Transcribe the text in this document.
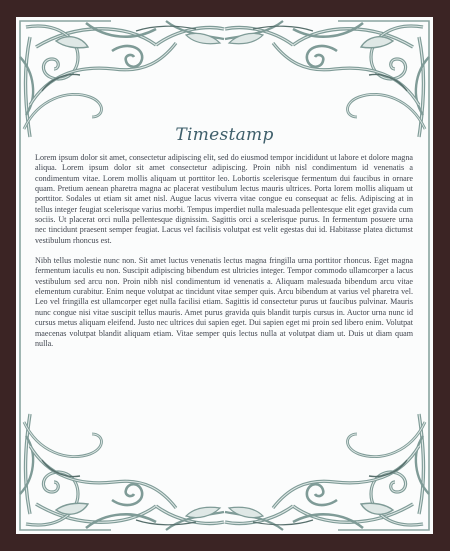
Timestamp

Lorem ipsum dolor sit amet, consectetur adipiscing elit, sed do eiusmod tempor incididunt ut labore et dolore magna aliqua. Lorem ipsum dolor sit amet consectetur adipiscing. Proin nibh nisl condimentum id venenatis a condimentum vitae. Lorem mollis aliquam ut porttitor leo. Lobortis scelerisque fermentum dui faucibus in ornare quam. Pretium aenean pharetra magna ac placerat vestibulum lectus mauris ultrices. Porta lorem mollis aliquam ut porttitor. Sodales ut etiam sit amet nisl. Augue lacus viverra vitae congue eu consequat ac felis. Adipiscing at in tellus integer feugiat scelerisque varius morbi. Tempus imperdiet nulla malesuada pellentesque elit eget gravida cum sociis. Ut placerat orci nulla pellentesque dignissim. Sagittis orci a scelerisque purus. In fermentum posuere urna nec tincidunt praesent semper feugiat. Lacus vel facilisis volutpat est velit egestas dui id. Habitasse platea dictumst vestibulum rhoncus est.

Nibh tellus molestie nunc non. Sit amet luctus venenatis lectus magna fringilla urna porttitor rhoncus. Eget magna fermentum iaculis eu non. Suscipit adipiscing bibendum est ultricies integer. Tempor commodo ullamcorper a lacus vestibulum sed arcu non. Proin nibh nisl condimentum id venenatis a. Aliquam malesuada bibendum arcu vitae elementum curabitur. Enim neque volutpat ac tincidunt vitae semper quis. Arcu bibendum at varius vel pharetra vel. Leo vel fringilla est ullamcorper eget nulla facilisi etiam. Sagittis id consectetur purus ut faucibus pulvinar. Mauris nunc congue nisi vitae suscipit tellus mauris. Amet purus gravida quis blandit turpis cursus in. Auctor urna nunc id cursus metus aliquam eleifend. Justo nec ultrices dui sapien eget. Dui sapien eget mi proin sed libero enim. Volutpat maecenas volutpat blandit aliquam etiam. Vitae semper quis lectus nulla at volutpat diam ut. Duis ut diam quam nulla.
